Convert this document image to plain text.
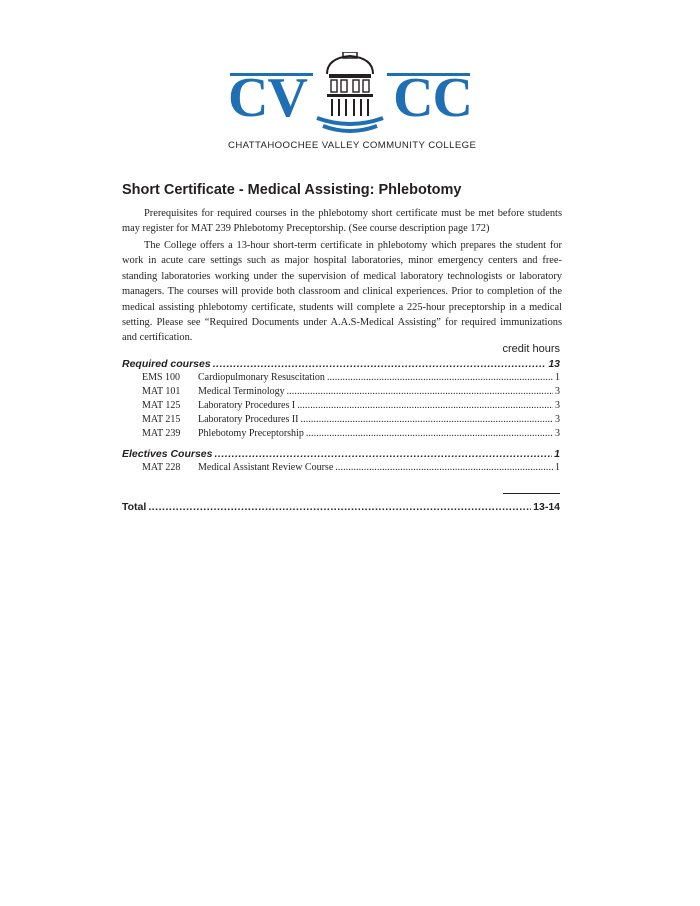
CV CC
CHATTAHOOCHEE VALLEY COMMUNITY COLLEGE
Short Certificate - Medical Assisting: Phlebotomy

Prerequisites for required courses in the phlebotomy short certificate must be met before students may register for MAT 239 Phlebotomy Preceptorship. (See course description page 172)

The College offers a 13-hour short-term certificate in phlebotomy which prepares the student for work in acute care settings such as major hospital laboratories, minor emergency centers and free-standing laboratories working under the supervision of medical laboratory technologists or laboratory managers. The courses will provide both classroom and clinical experiences. Prior to completion of the medical assisting phlebotomy certificate, students will complete a 225-hour preceptorship in a medical setting. Please see “Required Documents under A.A.S-Medical Assisting” for required immunizations and certification.

credit hours
Required courses . . .	13
EMS 100	Cardiopulmonary Resuscitation . . .	1
MAT 101	Medical Terminology . . .	3
MAT 125	Laboratory Procedures I . . .	3
MAT 215	Laboratory Procedures II . . .	3
MAT 239	Phlebotomy Preceptorship . . .	3
Electives Courses . . .	1
MAT 228	Medical Assistant Review Course . . .	1
Total . . .	13-14
